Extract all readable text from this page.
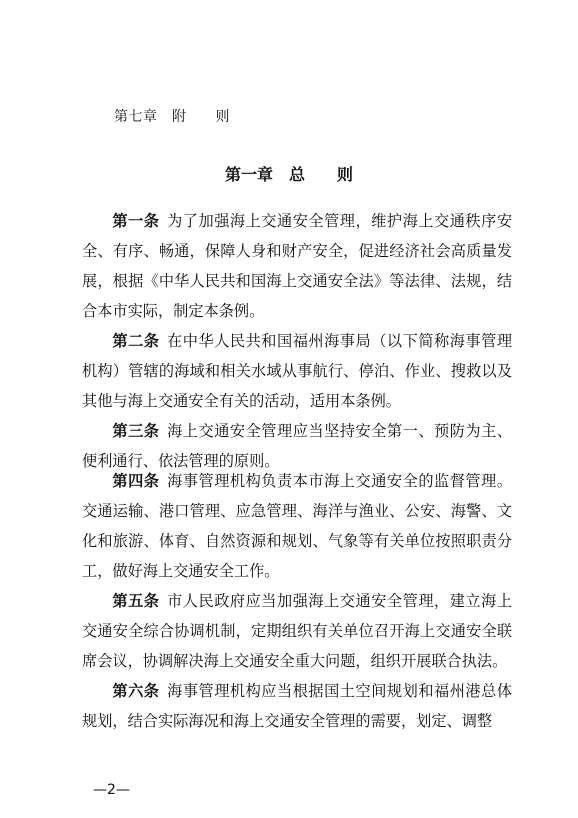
第七章　附　　则
第一章　总　　则

第一条 为了加强海上交通安全管理，维护海上交通秩序安全、有序、畅通，保障人身和财产安全，促进经济社会高质量发展，根据《中华人民共和国海上交通安全法》等法律、法规，结合本市实际，制定本条例。

第二条 在中华人民共和国福州海事局（以下简称海事管理机构）管辖的海域和相关水域从事航行、停泊、作业、搜救以及其他与海上交通安全有关的活动，适用本条例。

第三条 海上交通安全管理应当坚持安全第一、预防为主、便利通行、依法管理的原则。

第四条 海事管理机构负责本市海上交通安全的监督管理。交通运输、港口管理、应急管理、海洋与渔业、公安、海警、文化和旅游、体育、自然资源和规划、气象等有关单位按照职责分工，做好海上交通安全工作。

第五条 市人民政府应当加强海上交通安全管理，建立海上交通安全综合协调机制，定期组织有关单位召开海上交通安全联席会议，协调解决海上交通安全重大问题，组织开展联合执法。

第六条 海事管理机构应当根据国土空间规划和福州港总体规划，结合实际海况和海上交通安全管理的需要，划定、调整

—2—
